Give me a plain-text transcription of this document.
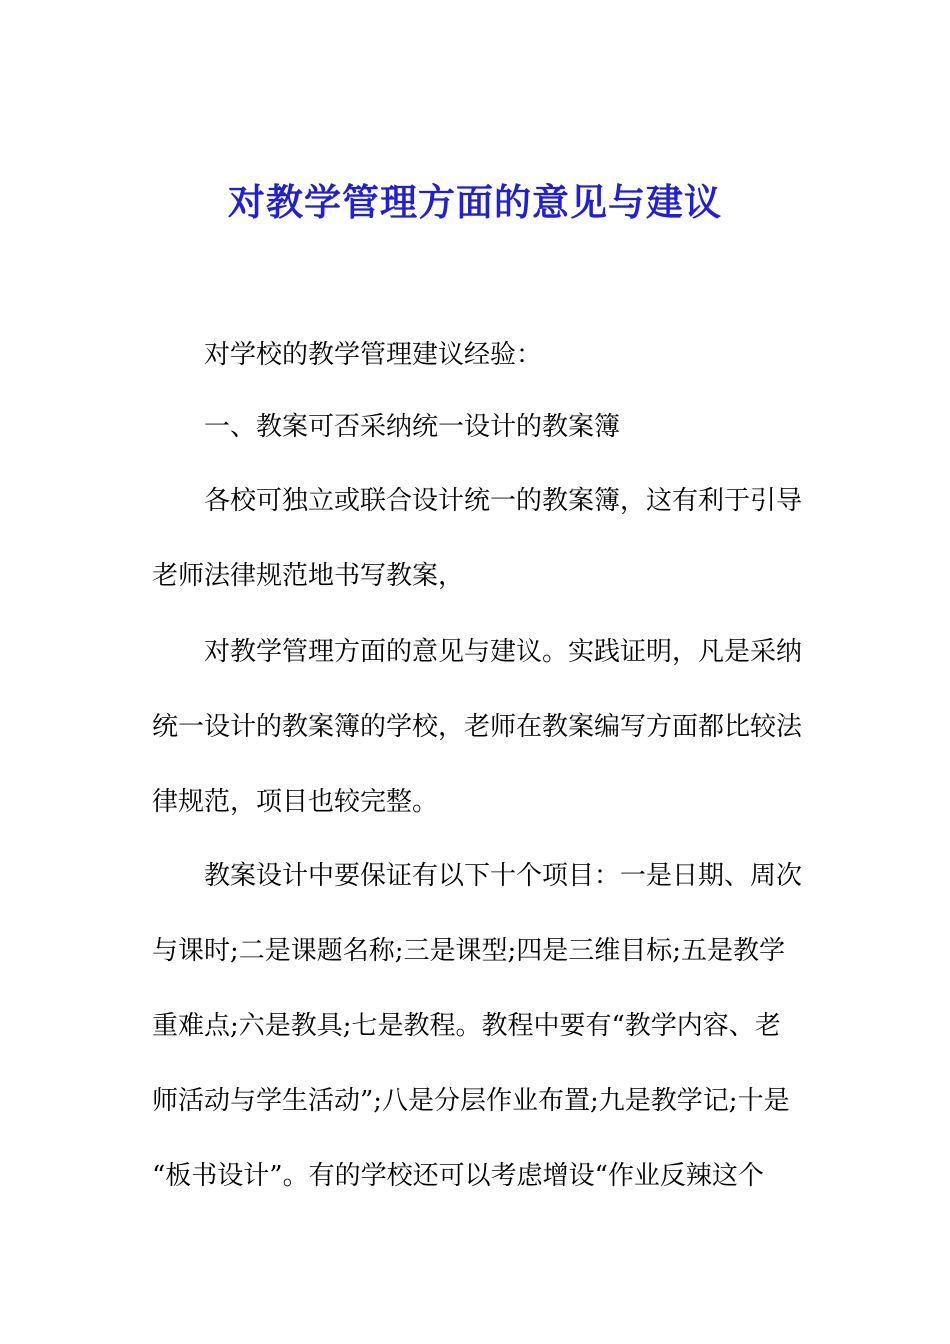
对教学管理方面的意见与建议

对学校的教学管理建议经验：

一、教案可否采纳统一设计的教案簿

各校可独立或联合设计统一的教案簿，这有利于引导

老师法律规范地书写教案，

对教学管理方面的意见与建议。实践证明，凡是采纳

统一设计的教案簿的学校，老师在教案编写方面都比较法

律规范，项目也较完整。

教案设计中要保证有以下十个项目：一是日期、周次

与课时;二是课题名称;三是课型;四是三维目标;五是教学

重难点;六是教具;七是教程。教程中要有“教学内容、老

师活动与学生活动”;八是分层作业布置;九是教学记;十是

“板书设计”。有的学校还可以考虑增设“作业反辣这个
